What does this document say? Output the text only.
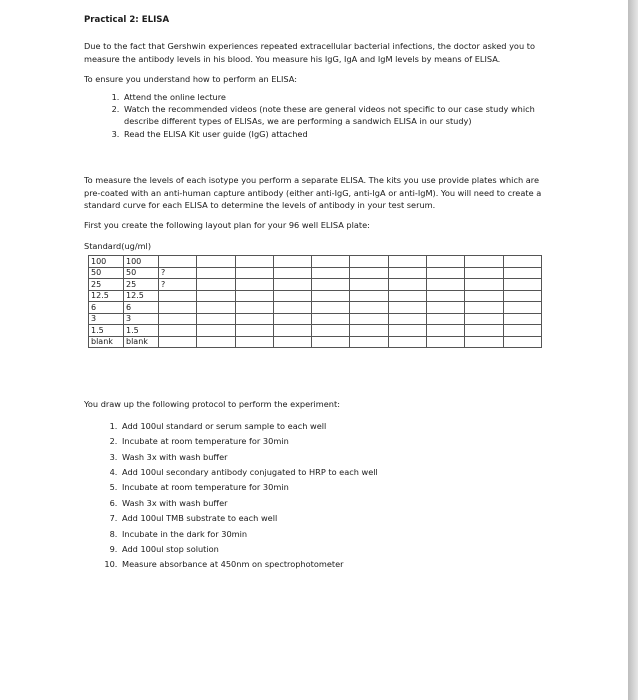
Practical 2: ELISA

Due to the fact that Gershwin experiences repeated extracellular bacterial infections, the doctor asked you to measure the antibody levels in his blood. You measure his IgG, IgA and IgM levels by means of ELISA.

To ensure you understand how to perform an ELISA:

1. Attend the online lecture
2. Watch the recommended videos (note these are general videos not specific to our case study which describe different types of ELISAs, we are performing a sandwich ELISA in our study)
3. Read the ELISA Kit user guide (IgG) attached

To measure the levels of each isotype you perform a separate ELISA. The kits you use provide plates which are pre-coated with an anti-human capture antibody (either anti-IgG, anti-IgA or anti-IgM). You will need to create a standard curve for each ELISA to determine the levels of antibody in your test serum.

First you create the following layout plan for your 96 well ELISA plate:

Standard(ug/ml)

100	100										
50	50	?									
25	25	?									
12.5	12.5										
6	6										
3	3										
1.5	1.5										
blank	blank										

You draw up the following protocol to perform the experiment:

1. Add 100ul standard or serum sample to each well
2. Incubate at room temperature for 30min
3. Wash 3x with wash buffer
4. Add 100ul secondary antibody conjugated to HRP to each well
5. Incubate at room temperature for 30min
6. Wash 3x with wash buffer
7. Add 100ul TMB substrate to each well
8. Incubate in the dark for 30min
9. Add 100ul stop solution
10. Measure absorbance at 450nm on spectrophotometer
